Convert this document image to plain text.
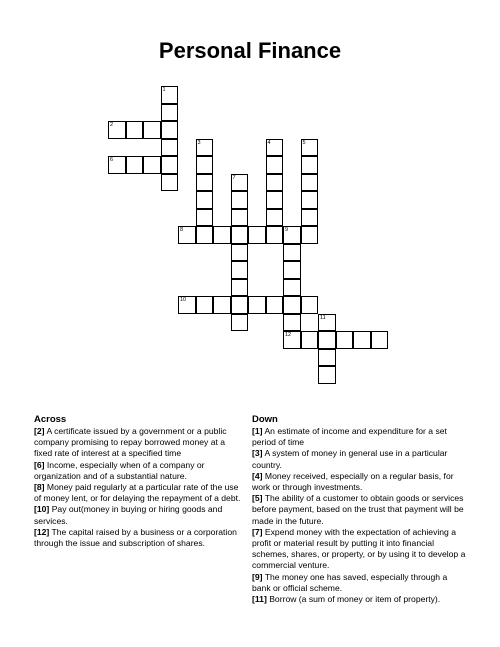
Personal Finance
1
2
3	4	5
6
7
8	9
10
11
12
Across
[2] A certificate issued by a government or a public company promising to repay borrowed money at a fixed rate of interest at a specified time
[6] Income, especially when of a company or organization and of a substantial nature.
[8] Money paid regularly at a particular rate of the use of money lent, or for delaying the repayment of a debt.
[10] Pay out(money in buying or hiring goods and services.
[12] The capital raised by a business or a corporation through the issue and subscription of shares.
Down
[1] An estimate of income and expenditure for a set period of time
[3] A system of money in general use in a particular country.
[4] Money received, especially on a regular basis, for work or through investments.
[5] The ability of a customer to obtain goods or services before payment, based on the trust that payment will be made in the future.
[7] Expend money with the expectation of achieving a profit or material result by putting it into financial schemes, shares, or property, or by using it to develop a commercial venture.
[9] The money one has saved, especially through a bank or official scheme.
[11] Borrow (a sum of money or item of property).
